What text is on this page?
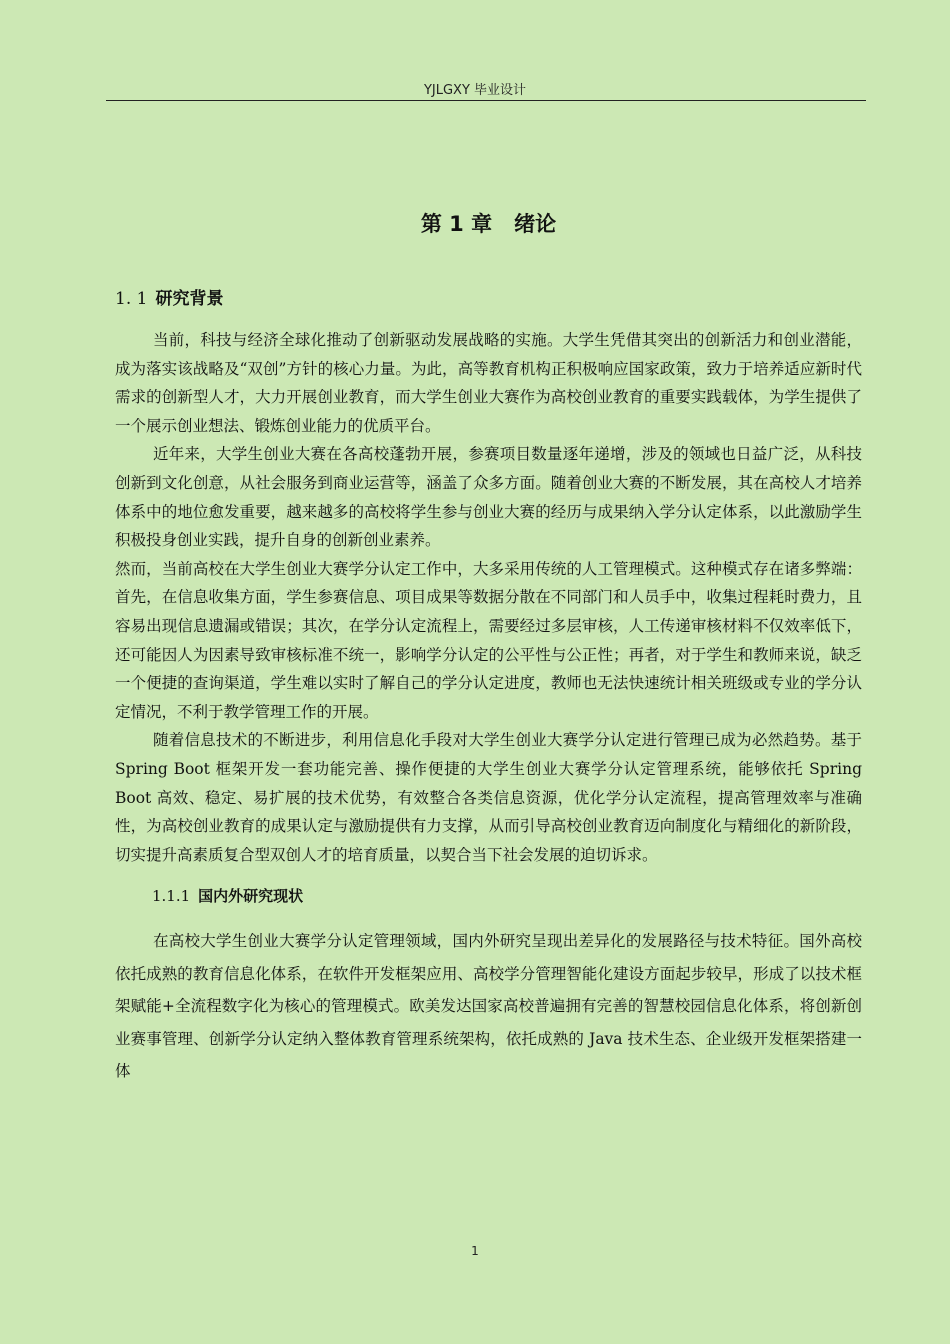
YJLGXY 毕业设计
第 1 章 绪论
1. 1 研究背景

当前，科技与经济全球化推动了创新驱动发展战略的实施。大学生凭借其突出的创新活力和创业潜能，成为落实该战略及“双创”方针的核心力量。为此，高等教育机构正积极响应国家政策，致力于培养适应新时代需求的创新型人才，大力开展创业教育，而大学生创业大赛作为高校创业教育的重要实践载体，为学生提供了一个展示创业想法、锻炼创业能力的优质平台。

近年来，大学生创业大赛在各高校蓬勃开展，参赛项目数量逐年递增，涉及的领域也日益广泛，从科技创新到文化创意，从社会服务到商业运营等，涵盖了众多方面。随着创业大赛的不断发展，其在高校人才培养体系中的地位愈发重要，越来越多的高校将学生参与创业大赛的经历与成果纳入学分认定体系，以此激励学生积极投身创业实践，提升自身的创新创业素养。

然而，当前高校在大学生创业大赛学分认定工作中，大多采用传统的人工管理模式。这种模式存在诸多弊端：首先，在信息收集方面，学生参赛信息、项目成果等数据分散在不同部门和人员手中，收集过程耗时费力，且容易出现信息遗漏或错误；其次，在学分认定流程上，需要经过多层审核，人工传递审核材料不仅效率低下，还可能因人为因素导致审核标准不统一，影响学分认定的公平性与公正性；再者，对于学生和教师来说，缺乏一个便捷的查询渠道，学生难以实时了解自己的学分认定进度，教师也无法快速统计相关班级或专业的学分认定情况，不利于教学管理工作的开展。

随着信息技术的不断进步，利用信息化手段对大学生创业大赛学分认定进行管理已成为必然趋势。基于 Spring Boot 框架开发一套功能完善、操作便捷的大学生创业大赛学分认定管理系统，能够依托 Spring Boot 高效、稳定、易扩展的技术优势，有效整合各类信息资源，优化学分认定流程，提高管理效率与准确性，为高校创业教育的成果认定与激励提供有力支撑，从而引导高校创业教育迈向制度化与精细化的新阶段，切实提升高素质复合型双创人才的培育质量，以契合当下社会发展的迫切诉求。

1.1.1 国内外研究现状

在高校大学生创业大赛学分认定管理领域，国内外研究呈现出差异化的发展路径与技术特征。国外高校依托成熟的教育信息化体系，在软件开发框架应用、高校学分管理智能化建设方面起步较早，形成了以技术框架赋能+全流程数字化为核心的管理模式。欧美发达国家高校普遍拥有完善的智慧校园信息化体系，将创新创业赛事管理、创新学分认定纳入整体教育管理系统架构，依托成熟的 Java 技术生态、企业级开发框架搭建一体

1
